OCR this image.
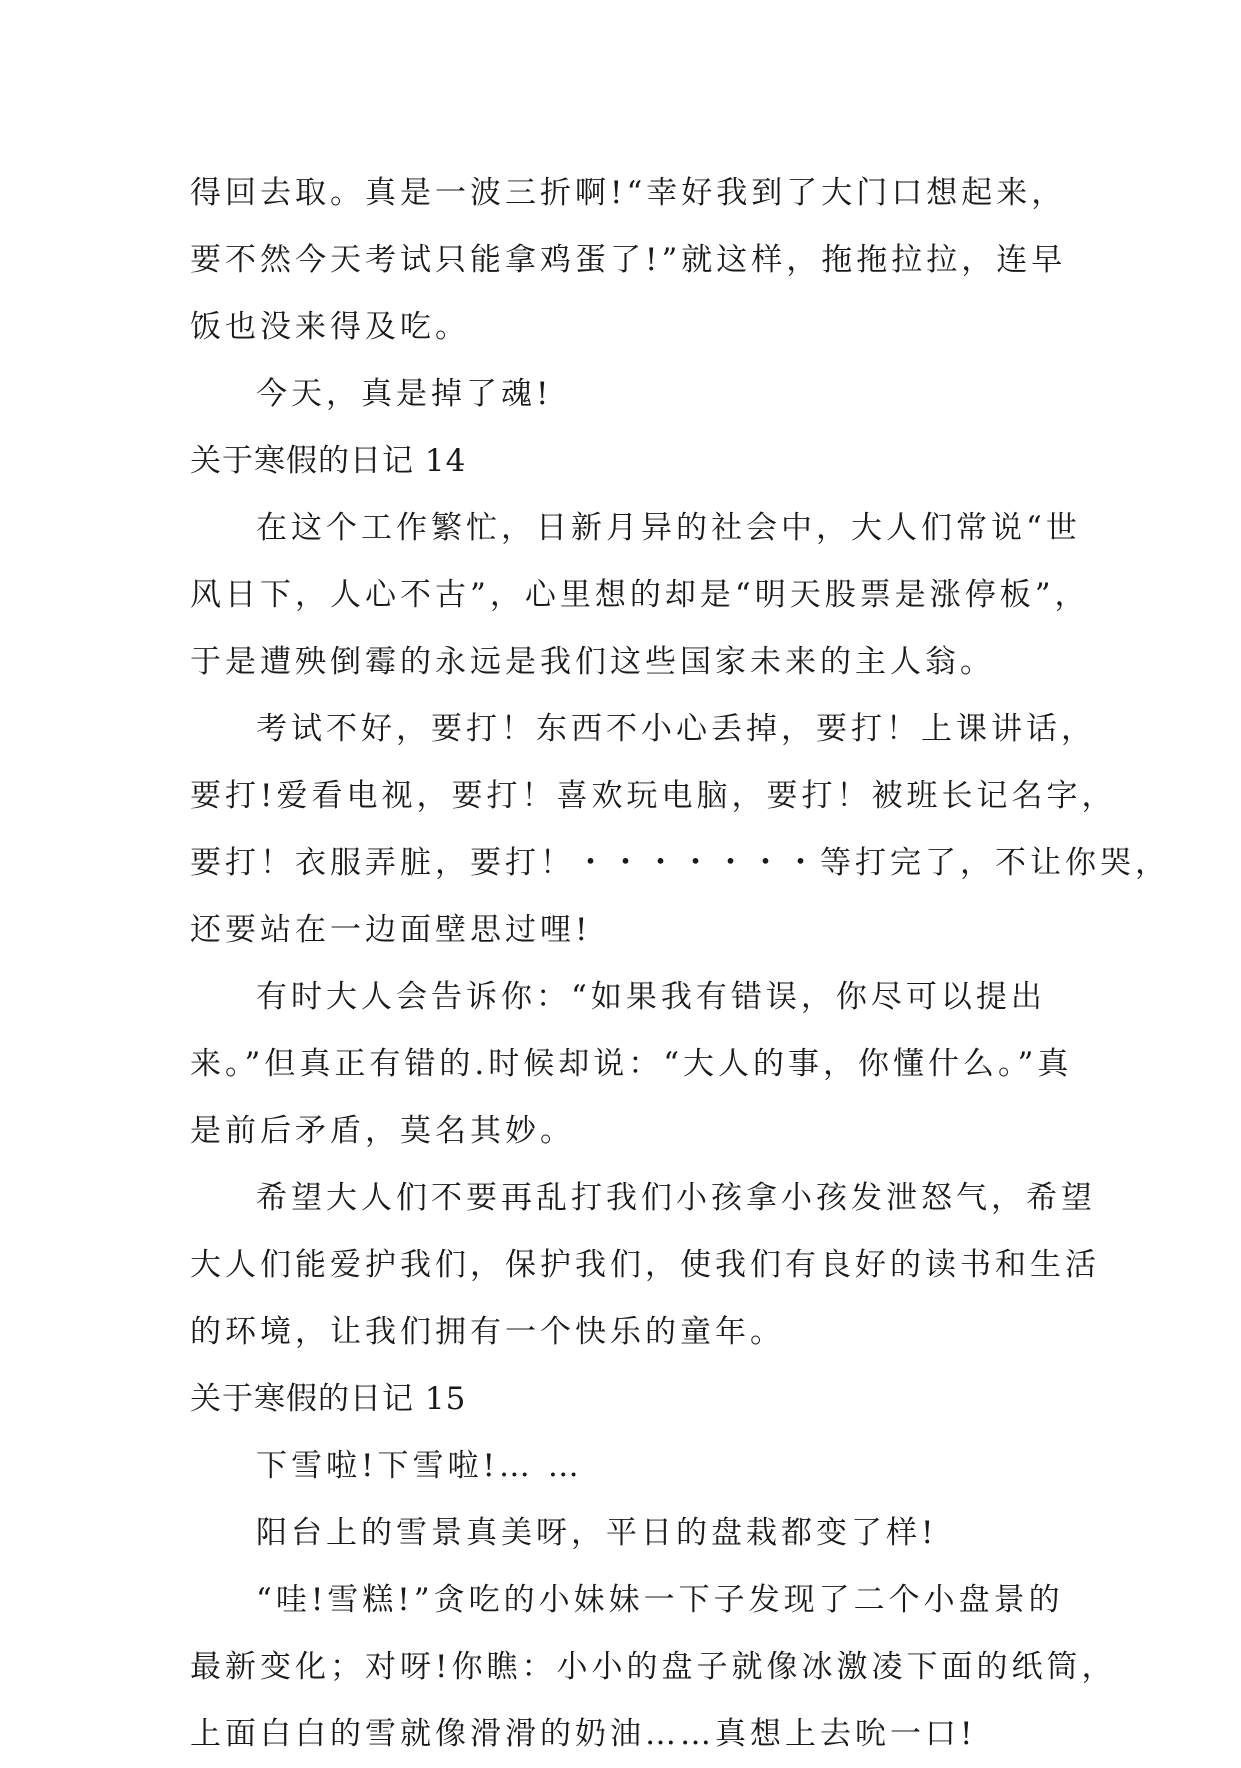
得回去取。真是一波三折啊!“幸好我到了大门口想起来，
要不然今天考试只能拿鸡蛋了!”就这样，拖拖拉拉，连早
饭也没来得及吃。
今天，真是掉了魂!
关于寒假的日记 14
在这个工作繁忙，日新月异的社会中，大人们常说“世
风日下，人心不古”，心里想的却是“明天股票是涨停板”，
于是遭殃倒霉的永远是我们这些国家未来的主人翁。
考试不好，要打！东西不小心丢掉，要打！上课讲话，
要打!爱看电视，要打！喜欢玩电脑，要打！被班长记名字，
要打！衣服弄脏，要打！・・・・・・・等打完了，不让你哭，
还要站在一边面壁思过哩!
有时大人会告诉你：“如果我有错误，你尽可以提出
来。”但真正有错的.时候却说：“大人的事，你懂什么。”真
是前后矛盾，莫名其妙。
希望大人们不要再乱打我们小孩拿小孩发泄怒气，希望
大人们能爱护我们，保护我们，使我们有良好的读书和生活
的环境，让我们拥有一个快乐的童年。
关于寒假的日记 15
下雪啦!下雪啦!… …
阳台上的雪景真美呀，平日的盘栽都变了样!
“哇!雪糕!”贪吃的小妹妹一下子发现了二个小盘景的
最新变化；对呀!你瞧：小小的盘子就像冰激凌下面的纸筒，
上面白白的雪就像滑滑的奶油……真想上去吮一口!
